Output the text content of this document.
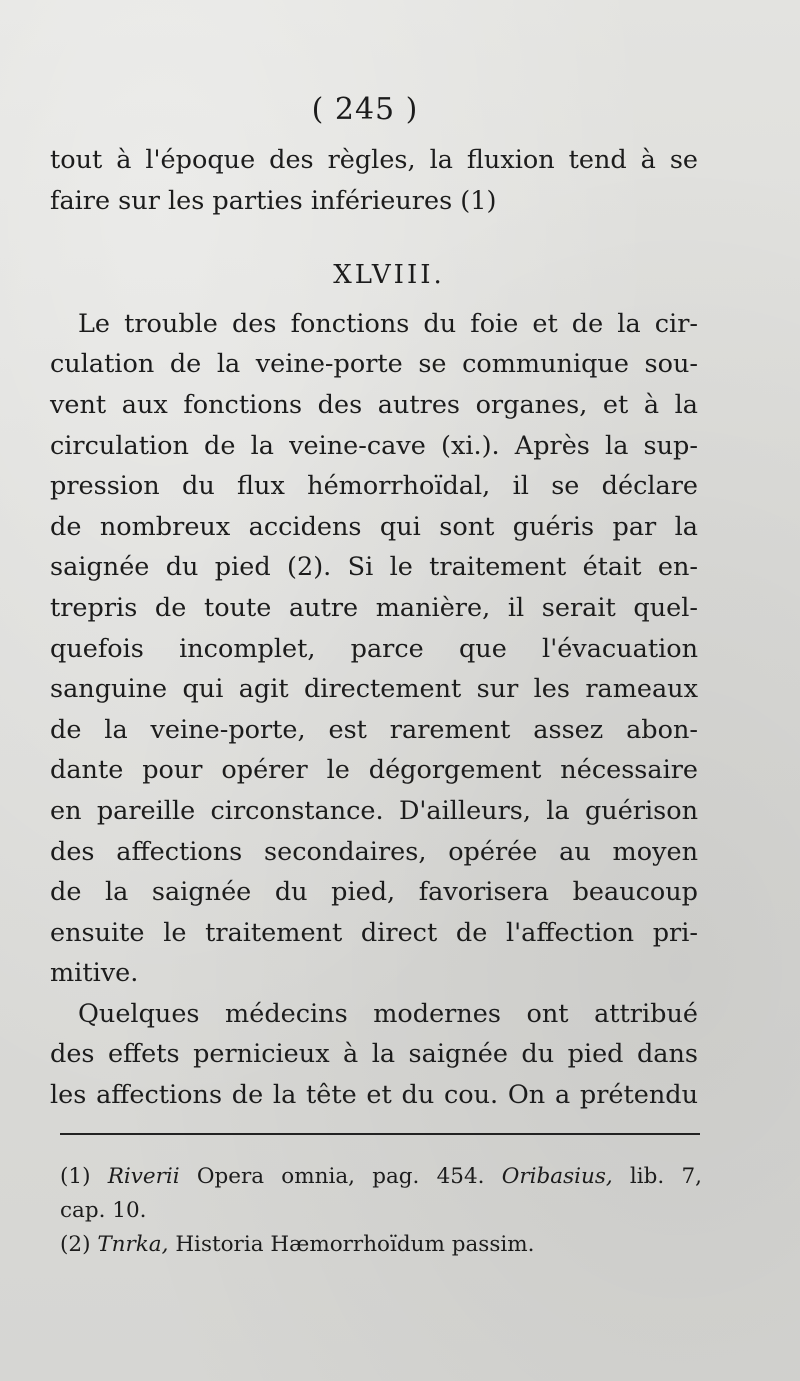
( 245 )
tout à l'époque des règles, la fluxion tend à se
faire sur les parties inférieures (1)
XLVIII.
Le trouble des fonctions du foie et de la cir-
culation de la veine-porte se communique sou-
vent aux fonctions des autres organes, et à la
circulation de la veine-cave (xi.). Après la sup-
pression du flux hémorrhoïdal, il se déclare
de nombreux accidens qui sont guéris par la
saignée du pied (2). Si le traitement était en-
trepris de toute autre manière, il serait quel-
quefois incomplet, parce que l'évacuation
sanguine qui agit directement sur les rameaux
de la veine-porte, est rarement assez abon-
dante pour opérer le dégorgement nécessaire
en pareille circonstance. D'ailleurs, la guérison
des affections secondaires, opérée au moyen
de la saignée du pied, favorisera beaucoup
ensuite le traitement direct de l'affection pri-
mitive.
Quelques médecins modernes ont attribué
des effets pernicieux à la saignée du pied dans
les affections de la tête et du cou. On a prétendu
(1) Riverii Opera omnia, pag. 454. Oribasius, lib. 7,
cap. 10.
(2) Tnrka, Historia Hæmorrhoïdum passim.
